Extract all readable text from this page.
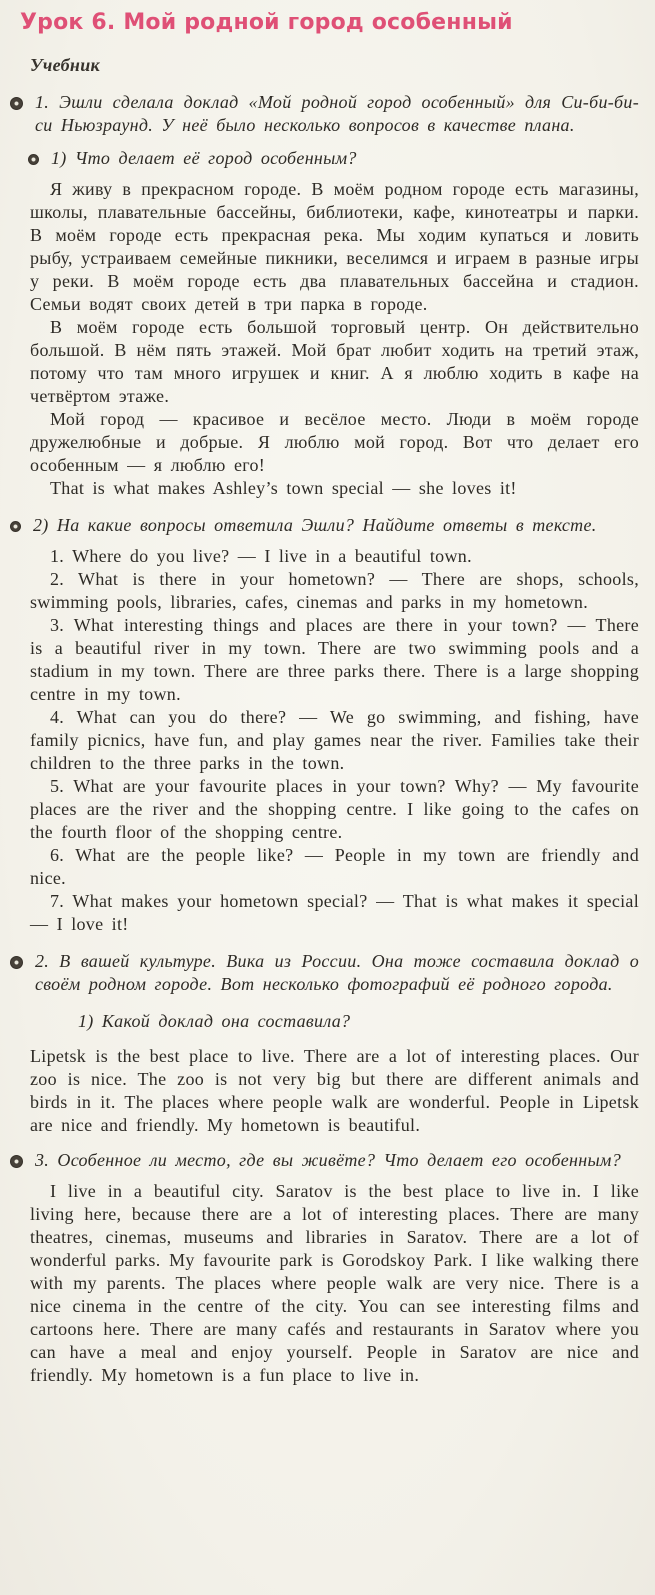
Урок 6. Мой родной город особенный
Учебник
1. Эшли сделала доклад «Мой родной город особенный» для Си-би-би-си Ньюзраунд. У неё было несколько вопросов в качестве плана.
1) Что делает её город особенным?
Я живу в прекрасном городе. В моём родном городе есть магазины, школы, плавательные бассейны, библиотеки, кафе, кинотеатры и парки. В моём городе есть прекрасная река. Мы ходим купаться и ловить рыбу, устраиваем семейные пикники, веселимся и играем в разные игры у реки. В моём городе есть два плавательных бассейна и стадион. Семьи водят своих детей в три парка в городе.
В моём городе есть большой торговый центр. Он действительно большой. В нём пять этажей. Мой брат любит ходить на третий этаж, потому что там много игрушек и книг. А я люблю ходить в кафе на четвёртом этаже.
Мой город — красивое и весёлое место. Люди в моём городе дружелюбные и добрые. Я люблю мой город. Вот что делает его особенным — я люблю его!
That is what makes Ashley’s town special — she loves it!
2) На какие вопросы ответила Эшли? Найдите ответы в тексте.
1. Where do you live? — I live in a beautiful town.
2. What is there in your hometown? — There are shops, schools, swimming pools, libraries, cafes, cinemas and parks in my hometown.
3. What interesting things and places are there in your town? — There is a beautiful river in my town. There are two swimming pools and a stadium in my town. There are three parks there. There is a large shopping centre in my town.
4. What can you do there? — We go swimming, and fishing, have family picnics, have fun, and play games near the river. Families take their children to the three parks in the town.
5. What are your favourite places in your town? Why? — My favourite places are the river and the shopping centre. I like going to the cafes on the fourth floor of the shopping centre.
6. What are the people like? — People in my town are friendly and nice.
7. What makes your hometown special? — That is what makes it special — I love it!
2. В вашей культуре. Вика из России. Она тоже составила доклад о своём родном городе. Вот несколько фотографий её родного города.
1) Какой доклад она составила?
Lipetsk is the best place to live. There are a lot of interesting places. Our zoo is nice. The zoo is not very big but there are different animals and birds in it. The places where people walk are wonderful. People in Lipetsk are nice and friendly. My hometown is beautiful.
3. Особенное ли место, где вы живёте? Что делает его особенным?
I live in a beautiful city. Saratov is the best place to live in. I like living here, because there are a lot of interesting places. There are many theatres, cinemas, museums and libraries in Saratov. There are a lot of wonderful parks. My favourite park is Gorodskoy Park. I like walking there with my parents. The places where people walk are very nice. There is a nice cinema in the centre of the city. You can see interesting films and cartoons here. There are many cafés and restaurants in Saratov where you can have a meal and enjoy yourself. People in Saratov are nice and friendly. My hometown is a fun place to live in.
